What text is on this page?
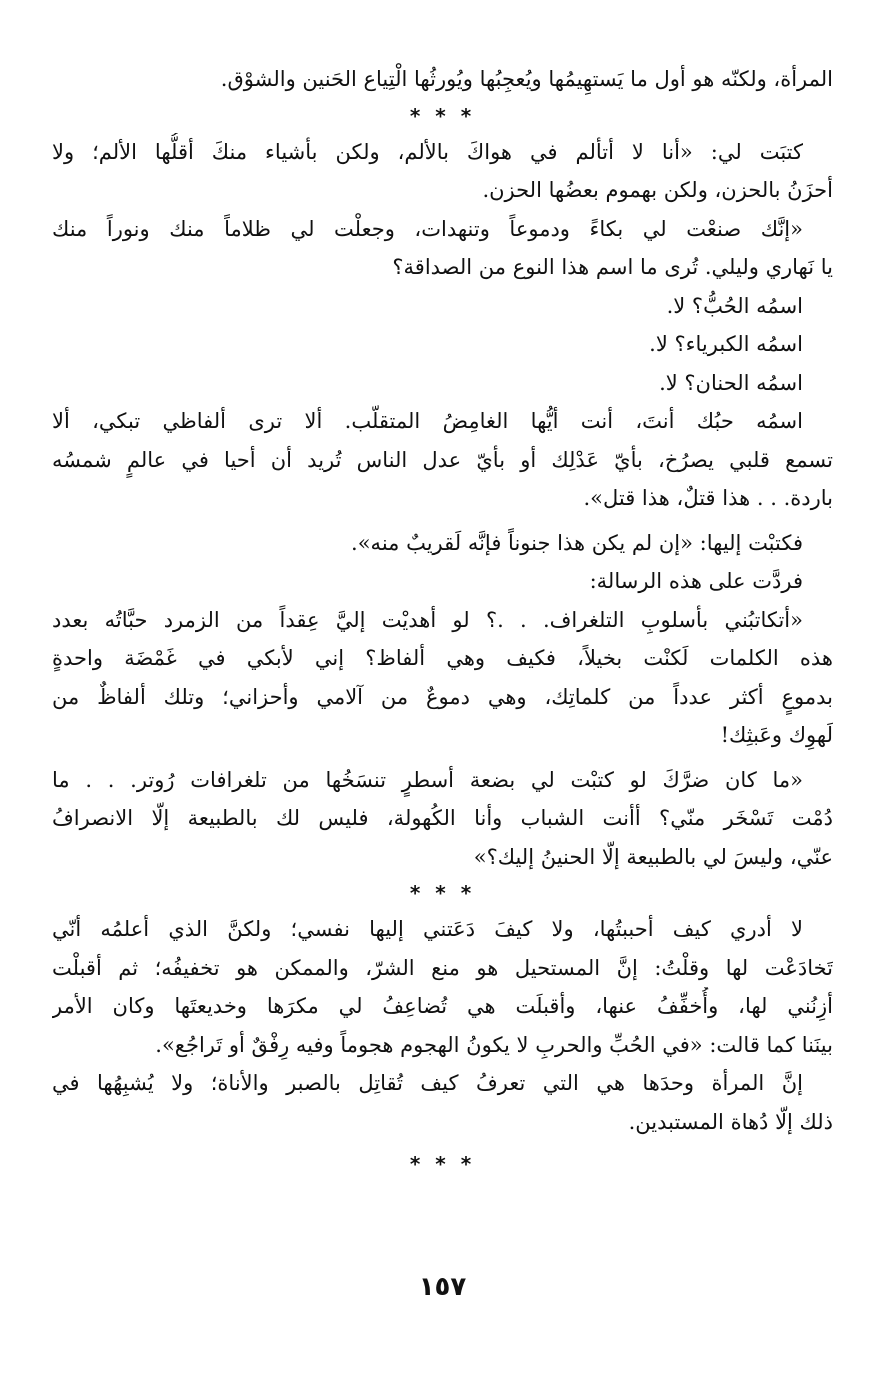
المرأة، ولكنّه هو أول ما يَستهِيمُها ويُعجِبُها ويُورثُها الْتِياع الحَنين والشوْق.
* * *
كتبَت لي: «أنا لا أتألم في هواكَ بالألم، ولكن بأشياء منكَ أقلُّها الألم؛ ولا
أحزَنُ بالحزن، ولكن بهموم بعضُها الحزن.
«إنَّك صنعْت لي بكاءً ودموعاً وتنهدات، وجعلْت لي ظلاماً منك ونوراً منك
يا نَهاري وليلي. تُرى ما اسم هذا النوع من الصداقة؟
اسمُه الحُبُّ؟ لا.
اسمُه الكبرياء؟ لا.
اسمُه الحنان؟ لا.
اسمُه حبُك أنتَ، أنت أيُّها الغامِضُ المتقلّب. ألا ترى ألفاظي تبكي، ألا
تسمع قلبي يصرُخ، بأيّ عَدْلِك أو بأيّ عدل الناس تُريد أن أحيا في عالمٍ شمسُه
باردة. . . هذا قتلٌ، هذا قتل».
فكتبْت إليها: «إن لم يكن هذا جنوناً فإنَّه لَقريبٌ منه».
فردَّت على هذه الرسالة:
«أتكاتبُني بأسلوبِ التلغراف. . .؟ لو أهديْت إليَّ عِقداً من الزمرد حبَّاتُه بعدد
هذه الكلمات لَكنْت بخيلاً، فكيف وهي ألفاظ؟ إني لأبكي في غَمْضَة واحدةٍ
بدموعٍ أكثر عدداً من كلماتِك، وهي دموعٌ من آلامي وأحزاني؛ وتلك ألفاظٌ من
لَهوِك وعَبثِك!
«ما كان ضرَّكَ لو كتبْت لي بضعة أسطرٍ تنسَخُها من تلغرافات رُوتر. . . ما
دُمْت تَسْخَر منّي؟ أأنت الشباب وأنا الكُهولة، فليس لك بالطبيعة إلّا الانصرافُ
عنّي، وليسَ لي بالطبيعة إلّا الحنينُ إليك؟»
* * *
لا أدري كيف أحببتُها، ولا كيفَ دَعَتني إليها نفسي؛ ولكنَّ الذي أعلمُه أنّي
تَخادَعْت لها وقلْتُ: إنَّ المستحيل هو منع الشرّ، والممكن هو تخفيفُه؛ ثم أقبلْت
أزِنُني لها، وأُخفِّفُ عنها، وأقبلَت هي تُضاعِفُ لي مكرَها وخديعتَها وكان الأمر
بينَنا كما قالت: «في الحُبِّ والحربِ لا يكونُ الهجوم هجوماً وفيه رِفْقٌ أو تَراجُع».
إنَّ المرأة وحدَها هي التي تعرفُ كيف تُقاتِل بالصبر والأناة؛ ولا يُشبِهُها في
ذلك إلّا دُهاة المستبدين.
* * *
١٥٧
